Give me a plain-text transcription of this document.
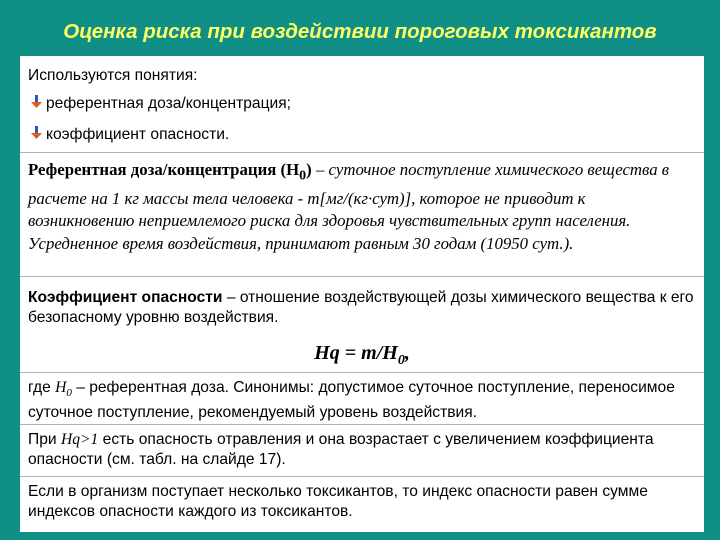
Оценка риска при воздействии пороговых токсикантов
Используются понятия:
референтная доза/концентрация;
коэффициент опасности.
Референтная доза/концентрация $(H_0)$ – суточное поступление химического вещества в расчете на 1 кг массы тела человека - т[мг/(кг·сут)], которое не приводит к возникновению неприемлемого риска для здоровья чувствительных групп населения. Усредненное время воздействия, принимают равным 30 годам (10950 сут.).
Коэффициент опасности – отношение воздействующей дозы химического вещества к его безопасному уровню воздействия.
$Hq = m/H_0$,
где $H_0$ – референтная доза. Синонимы: допустимое суточное поступление, переносимое суточное поступление, рекомендуемый уровень воздействия.
При Hq>1 есть опасность отравления и она возрастает с увеличением коэффициента опасности (см. табл. на слайде 17).
Если в организм поступает несколько токсикантов, то индекс опасности равен сумме индексов опасности каждого из токсикантов.
